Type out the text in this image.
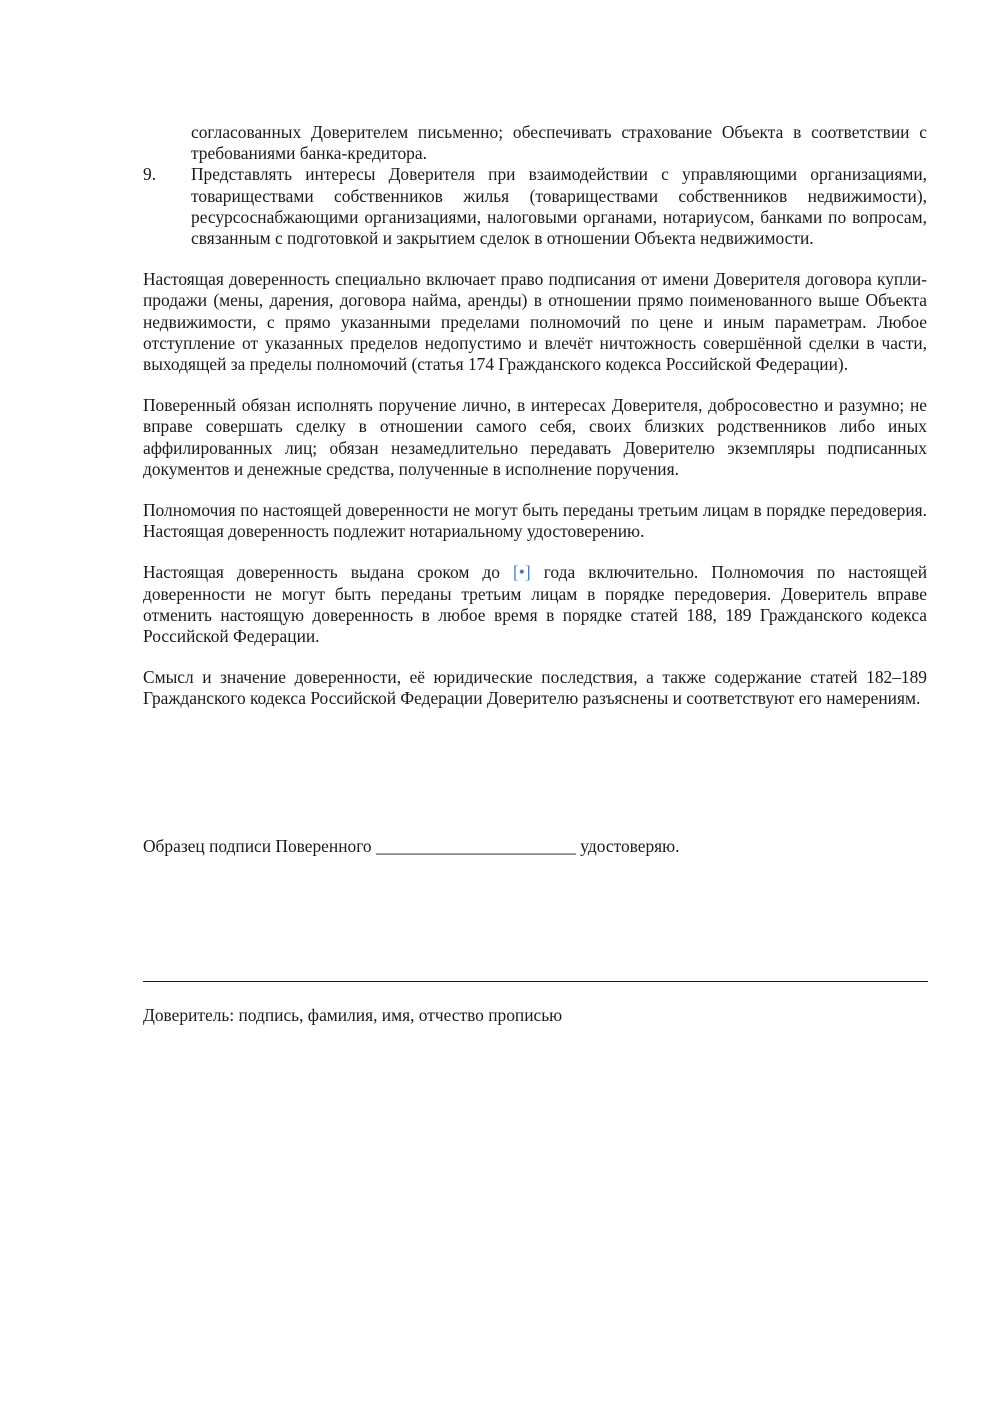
согласованных Доверителем письменно; обеспечивать страхование Объекта в соответствии с требованиями банка-кредитора.

9.	Представлять интересы Доверителя при взаимодействии с управляющими организациями, товариществами собственников жилья (товариществами собственников недвижимости), ресурсоснабжающими организациями, налоговыми органами, нотариусом, банками по вопросам, связанным с подготовкой и закрытием сделок в отношении Объекта недвижимости.

Настоящая доверенность специально включает право подписания от имени Доверителя договора купли-продажи (мены, дарения, договора найма, аренды) в отношении прямо поименованного выше Объекта недвижимости, с прямо указанными пределами полномочий по цене и иным параметрам. Любое отступление от указанных пределов недопустимо и влечёт ничтожность совершённой сделки в части, выходящей за пределы полномочий (статья 174 Гражданского кодекса Российской Федерации).

Поверенный обязан исполнять поручение лично, в интересах Доверителя, добросовестно и разумно; не вправе совершать сделку в отношении самого себя, своих близких родственников либо иных аффилированных лиц; обязан незамедлительно передавать Доверителю экземпляры подписанных документов и денежные средства, полученные в исполнение поручения.

Полномочия по настоящей доверенности не могут быть переданы третьим лицам в порядке передоверия. Настоящая доверенность подлежит нотариальному удостоверению.

Настоящая доверенность выдана сроком до [•] года включительно. Полномочия по настоящей доверенности не могут быть переданы третьим лицам в порядке передоверия. Доверитель вправе отменить настоящую доверенность в любое время в порядке статей 188, 189 Гражданского кодекса Российской Федерации.

Смысл и значение доверенности, её юридические последствия, а также содержание статей 182–189 Гражданского кодекса Российской Федерации Доверителю разъяснены и соответствуют его намерениям.

Образец подписи Поверенного _______________________ удостоверяю.

Доверитель: подпись, фамилия, имя, отчество прописью
